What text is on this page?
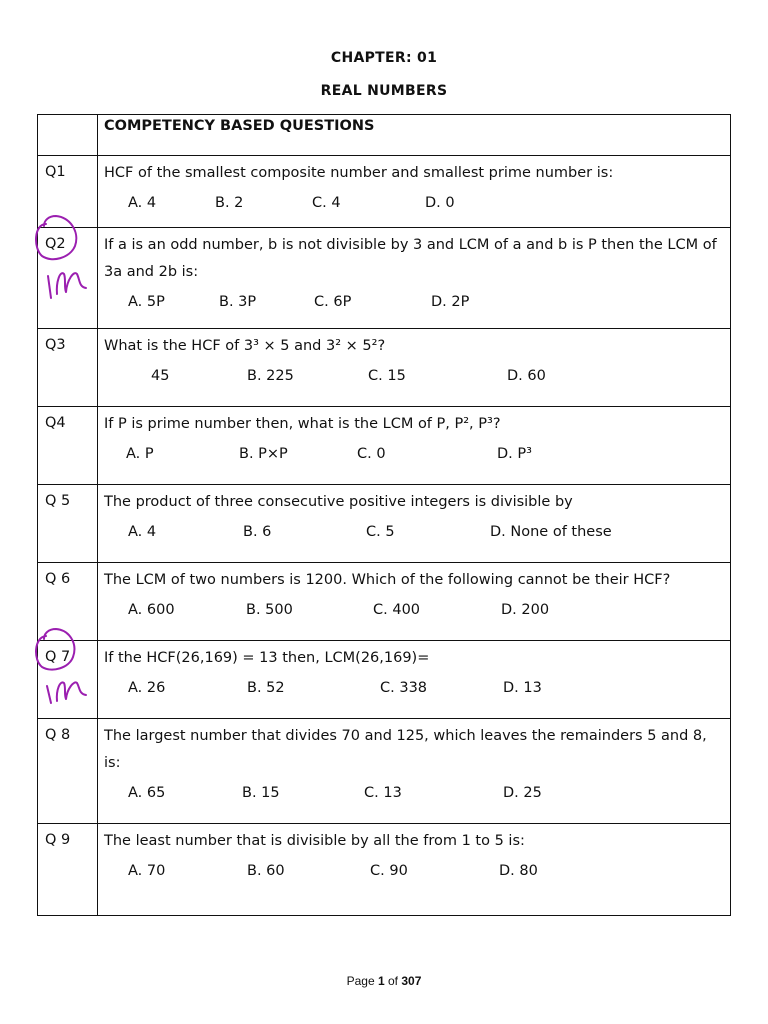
CHAPTER: 01
REAL NUMBERS

	COMPETENCY BASED QUESTIONS

Q1	HCF of the smallest composite number and smallest prime number is:
A. 4 B. 2 C. 4 D. 0

Q2	If a is an odd number, b is not divisible by 3 and LCM of a and b is P then the LCM of 3a and 2b is:
A. 5P B. 3P C. 6P D. 2P

Q3	What is the HCF of 3³ × 5 and 3² × 5²?
45 B. 225 C. 15 D. 60

Q4	If P is prime number then, what is the LCM of P, P², P³?
A. P B. P×P C. 0 D. P³

Q 5	The product of three consecutive positive integers is divisible by
A. 4 B. 6 C. 5 D. None of these

Q 6	The LCM of two numbers is 1200. Which of the following cannot be their HCF?
A. 600 B. 500 C. 400 D. 200

Q 7	If the HCF(26,169) = 13 then, LCM(26,169)=
A. 26 B. 52 C. 338 D. 13

Q 8	The largest number that divides 70 and 125, which leaves the remainders 5 and 8, is:
A. 65 B. 15 C. 13 D. 25

Q 9	The least number that is divisible by all the from 1 to 5 is:
A. 70 B. 60 C. 90 D. 80
Page 1 of 307
